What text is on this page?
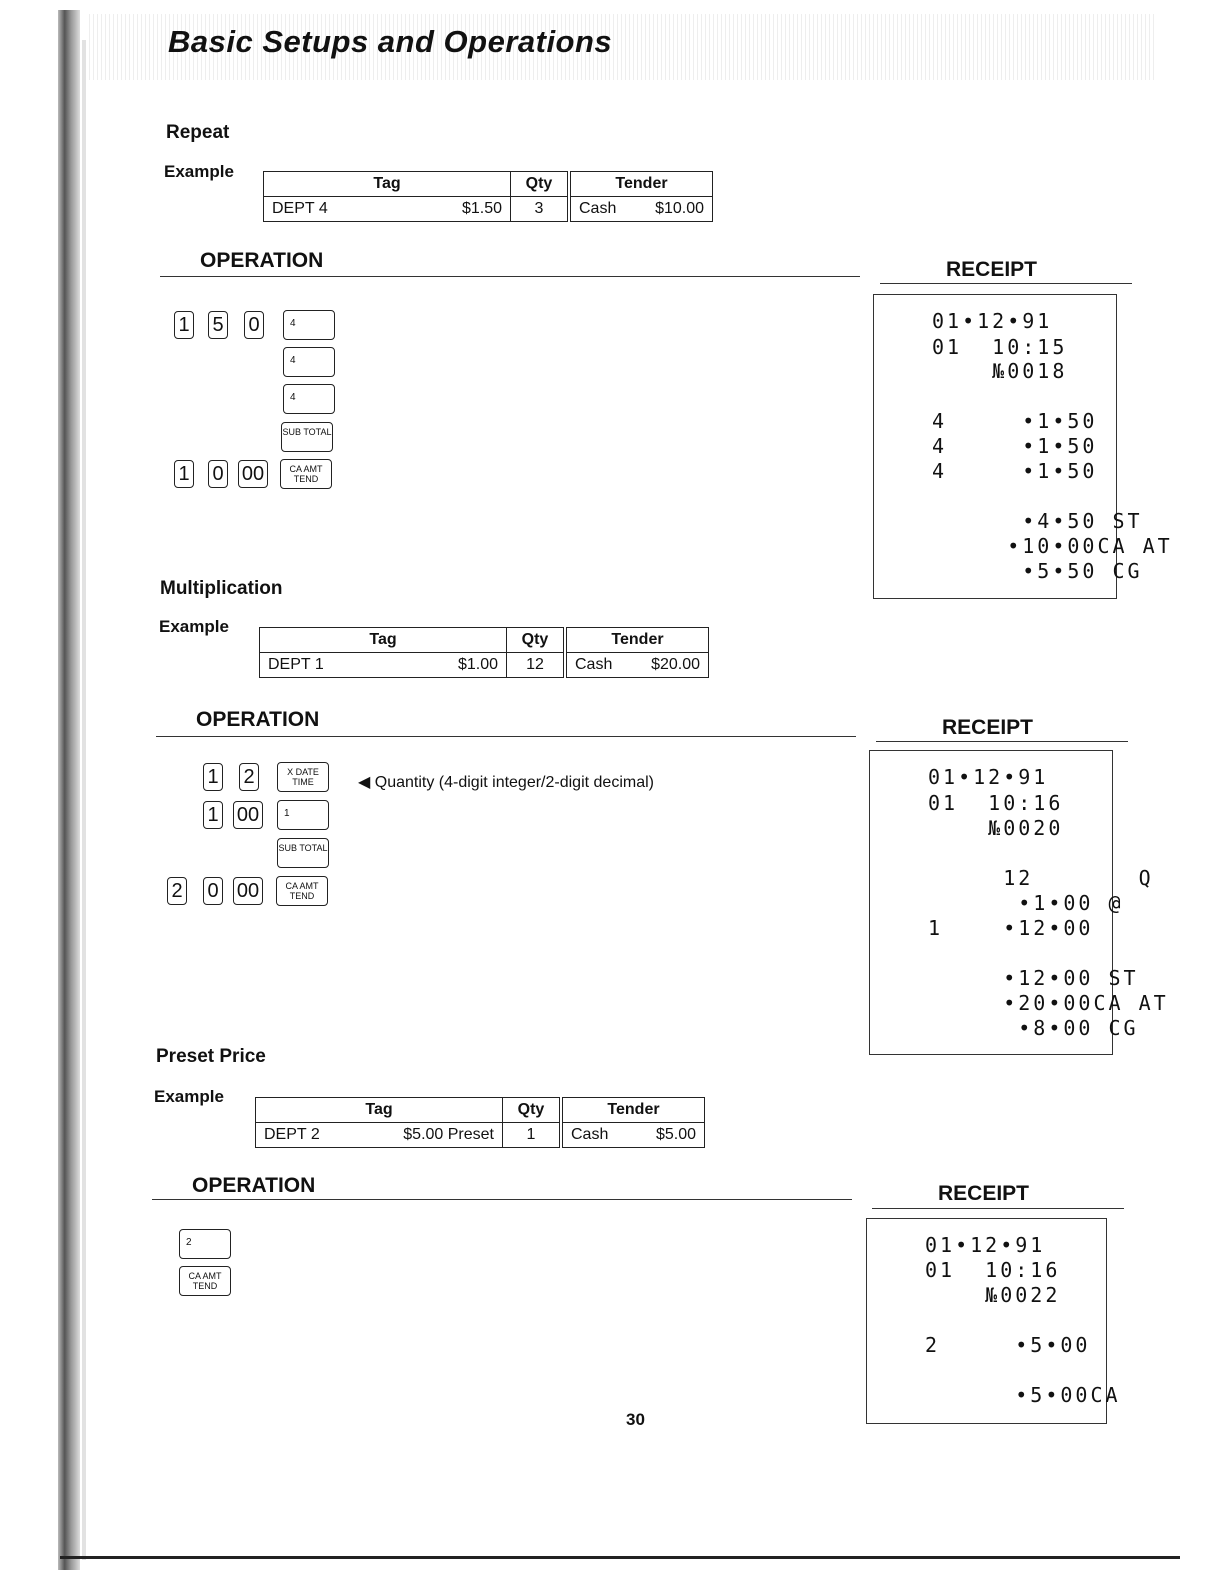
Basic Setups and Operations
Repeat
Example
Tag	Qty	Tender

DEPT 4 $1.50	3	Cash $10.00
OPERATION	RECEIPT
1 5 0	4
4
4
SUB TOTAL
1 0 00	CA AMT TEND
01•12•91
01  10:15
№0018
4     •1•50
4     •1•50
4     •1•50
•4•50 ST
•10•00CA AT
•5•50 CG
Multiplication
Example
Tag	Qty	Tender

DEPT 1 $1.00	12	Cash $20.00
OPERATION	RECEIPT
1 2	X DATE TIME	◀ Quantity (4-digit integer/2-digit decimal)
1 00	1
SUB TOTAL
2 0 00	CA AMT TEND
01•12•91
01  10:16
№0020
12       Q
•1•00 @
1    •12•00
•12•00 ST
•20•00CA AT
•8•00 CG
Preset Price
Example
Tag	Qty	Tender

DEPT 2 $5.00 Preset	1	Cash $5.00
OPERATION	RECEIPT
2
CA AMT TEND
01•12•91
01  10:16
№0022
2     •5•00
•5•00CA
30
